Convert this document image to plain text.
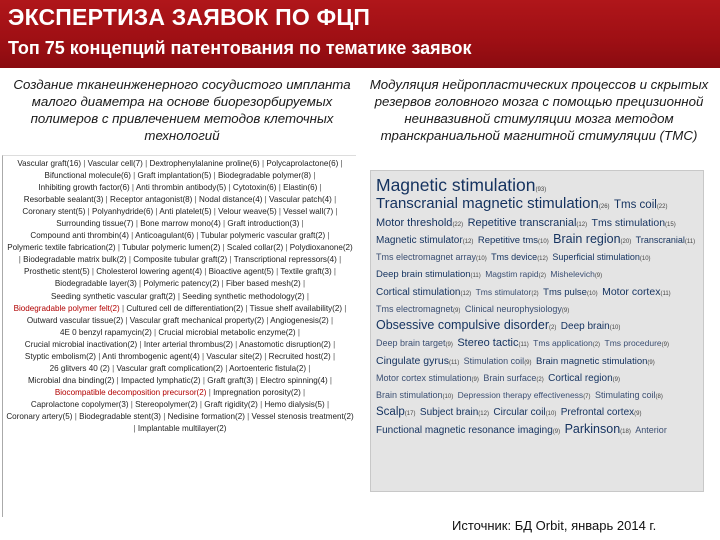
ЭКСПЕРТИЗА ЗАЯВОК ПО ФЦП
Топ 75 концепций патентования по тематике заявок
Создание тканеинженерного сосудистого импланта малого диаметра на основе биорезорбируемых полимеров с привлечением методов клеточных технологий
Модуляция нейропластических процессов и скрытых резервов головного мозга с помощью прецизионной неинвазивной стимуляции мозга методом транскраниальной магнитной стимуляции (ТМС)
Vascular graft(16) | Vascular cell(7) | Dextrophenylalanine proline(6) | Polycaprolactone(6) | Bifunctional molecule(6) | Graft implantation(5) | Biodegradable polymer(8) | Inhibiting growth factor(6) | Anti thrombin antibody(5) | Cytotoxin(6) | Elastin(6) | Resorbable sealant(3) | Receptor antagonist(8) | Nodal distance(4) | Vascular patch(4) | Coronary stent(5) | Polyanhydride(6) | Anti platelet(5) | Velour weave(5) | Vessel wall(7) | Surrounding tissue(7) | Bone marrow mono(4) | Graft introduction(3) | Compound anti thrombin(4) | Anticoagulant(6) | Tubular polymeric vascular graft(2) | Polymeric textile fabrication(2) | Tubular polymeric lumen(2) | Scaled collar(2) | Polydioxanone(2) | Biodegradable matrix bulk(2) | Composite tubular graft(2) | Transcriptional repressors(4) | Prosthetic stent(5) | Cholesterol lowering agent(4) | Bioactive agent(5) | Textile graft(3) | Biodegradable layer(3) | Polymeric patency(2) | Fiber based mesh(2) | Seeding synthetic vascular graft(2) | Seeding synthetic methodology(2) | Biodegradable polymer felt(2) | Cultured cell de differentiation(2) | Tissue shelf availability(2) | Outward vascular tissue(2) | Vascular graft mechanical property(2) | Angiogenesis(2) | 4E 0 benzyl rapamycin(2) | Crucial microbial metabolic enzyme(2) | Crucial microbial inactivation(2) | Inter arterial thrombus(2) | Anastomotic disruption(2) | Styptic embolism(2) | Anti thrombogenic agent(4) | Vascular site(2) | Recruited host(2) | 26 glitvers 40 (2) | Vascular graft complication(2) | Aortoenteric fistula(2) | Microbial dna binding(2) | Impacted lymphatic(2) | Graft graft(3) | Electro spinning(4) | Biocompatible decomposition precursor(2) | Impregnation porosity(2) | Caprolactone copolymer(3) | Stereopolymer(2) | Graft rigidity(2) | Hemo dialysis(5) | Coronary artery(5) | Biodegradable stent(3) | Nedisine formation(2) | Vessel stenosis treatment(2) | Implantable multilayer(2)
Magnetic stimulation(93) Transcranial magnetic stimulation(26) Tms coil(22) Motor threshold(22) Repetitive transcranial(12) Tms stimulation(15) Magnetic stimulator(12) Repetitive tms(10) Brain region(20) Transcranial(11) Tms electromagnet array(10) Tms device(12) Superficial stimulation(10) Deep brain stimulation(11) Magstim rapid(2) Mishelevich(9) Cortical stimulation(12) Tms stimulator(2) Tms pulse(10) Motor cortex(11) Tms electromagnet(9) Clinical neurophysiology(9) Obsessive compulsive disorder(2) Deep brain(10) Deep brain target(9) Stereo tactic(11) Tms application(2) Tms procedure(9) Cingulate gyrus(11) Stimulation coil(9) Brain magnetic stimulation(9) Motor cortex stimulation(9) Brain surface(2) Cortical region(9) Brain stimulation(10) Depression therapy effectiveness(7) Stimulating coil(8) Scalp(17) Subject brain(12) Circular coil(10) Prefrontal cortex(9) Functional magnetic resonance imaging(9) Parkinson(18) Anterior
Источник: БД Orbit, январь 2014 г.
